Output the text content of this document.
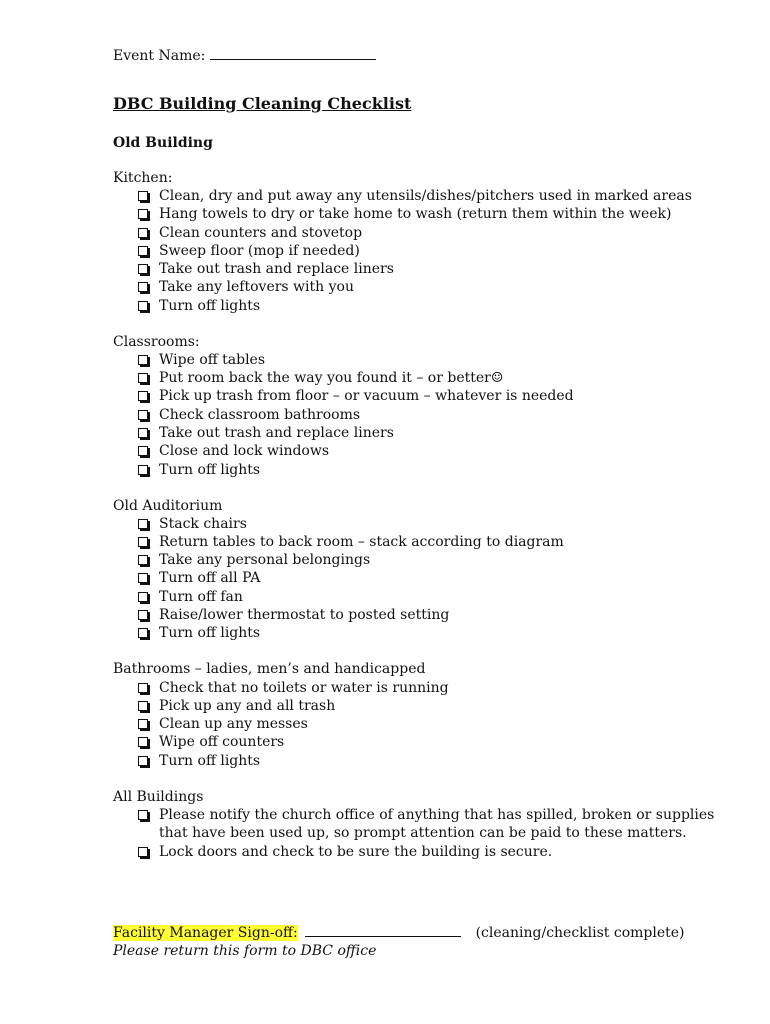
Event Name:
DBC Building Cleaning Checklist
Old Building
Kitchen:
Clean, dry and put away any utensils/dishes/pitchers used in marked areas
Hang towels to dry or take home to wash (return them within the week)
Clean counters and stovetop
Sweep floor (mop if needed)
Take out trash and replace liners
Take any leftovers with you
Turn off lights
Classrooms:
Wipe off tables
Put room back the way you found it – or better☺
Pick up trash from floor – or vacuum – whatever is needed
Check classroom bathrooms
Take out trash and replace liners
Close and lock windows
Turn off lights
Old Auditorium
Stack chairs
Return tables to back room – stack according to diagram
Take any personal belongings
Turn off all PA
Turn off fan
Raise/lower thermostat to posted setting
Turn off lights
Bathrooms – ladies, men’s and handicapped
Check that no toilets or water is running
Pick up any and all trash
Clean up any messes
Wipe off counters
Turn off lights
All Buildings
Please notify the church office of anything that has spilled, broken or supplies
that have been used up, so prompt attention can be paid to these matters.
Lock doors and check to be sure the building is secure.
Facility Manager Sign-off:	(cleaning/checklist complete)
Please return this form to DBC office
